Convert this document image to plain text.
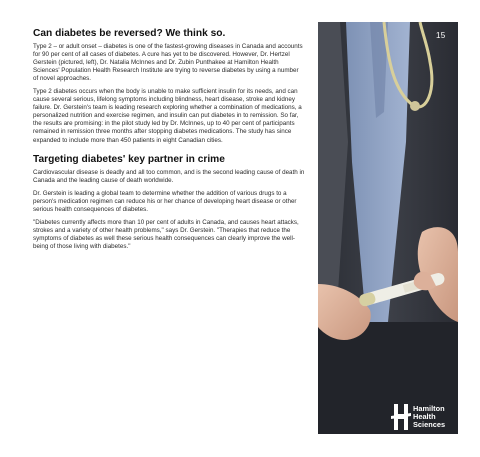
Can diabetes be reversed? We think so.

Type 2 – or adult onset – diabetes is one of the fastest-growing diseases in Canada and accounts for 90 per cent of all cases of diabetes. A cure has yet to be discovered. However, Dr. Hertzel Gerstein (pictured, left), Dr. Natalia McInnes and Dr. Zubin Punthakee at Hamilton Health Sciences' Population Health Research Institute are trying to reverse diabetes by using a number of novel approaches.

Type 2 diabetes occurs when the body is unable to make sufficient insulin for its needs, and can cause several serious, lifelong symptoms including blindness, heart disease, stroke and kidney failure. Dr. Gerstein's team is leading research exploring whether a combination of medications, a personalized nutrition and exercise regimen, and insulin can put diabetes in to remission. So far, the results are promising: in the pilot study led by Dr. McInnes, up to 40 per cent of participants remained in remission three months after stopping diabetes medications. The study has since expanded to include more than 450 patients in eight Canadian cities.

Targeting diabetes' key partner in crime

Cardiovascular disease is deadly and all too common, and is the second leading cause of death in Canada and the leading cause of death worldwide.

Dr. Gerstein is leading a global team to determine whether the addition of various drugs to a person's medication regimen can reduce his or her chance of developing heart disease or other serious health consequences of diabetes.

"Diabetes currently affects more than 10 per cent of adults in Canada, and causes heart attacks, strokes and a variety of other health problems," says Dr. Gerstein. "Therapies that reduce the symptoms of diabetes as well these serious health consequences can clearly improve the well-being of those living with diabetes."

15
Hamilton
Health
Sciences
